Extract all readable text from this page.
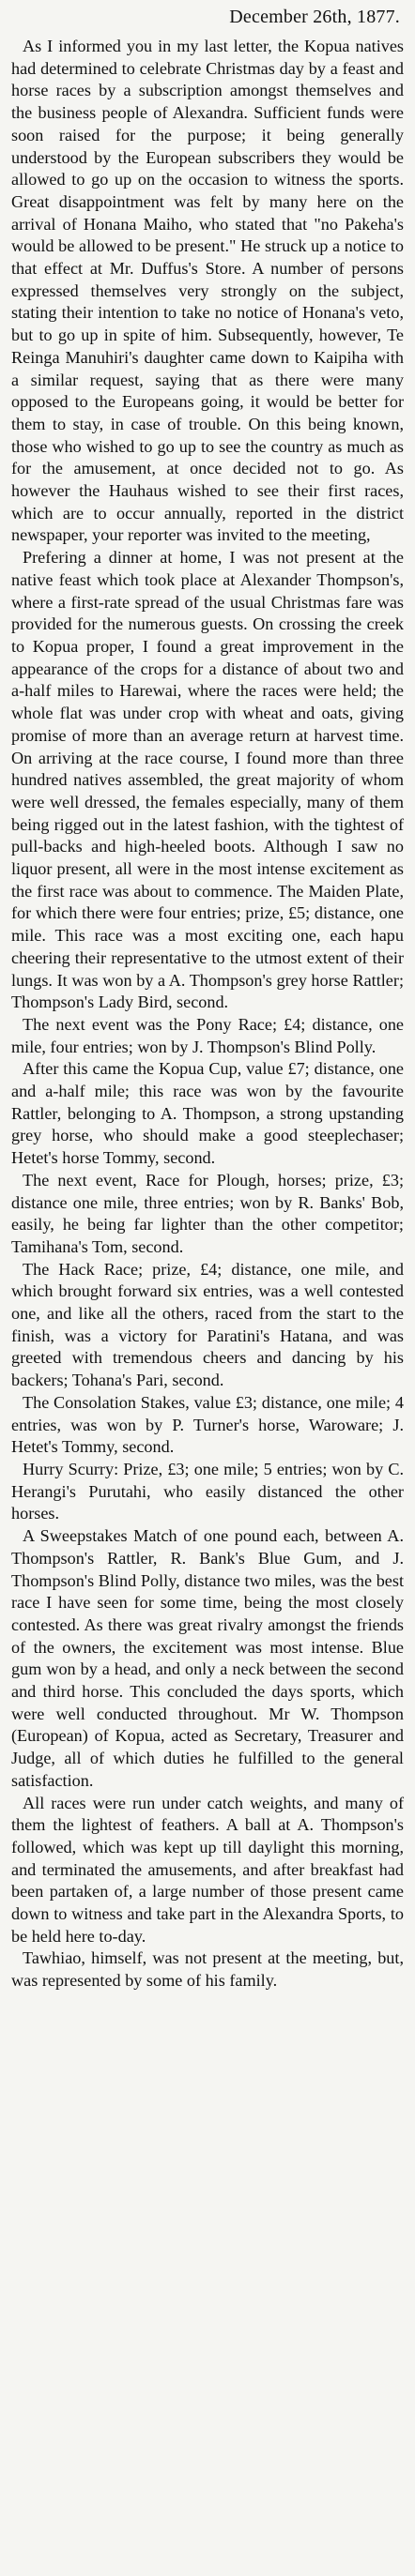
December 26th, 1877.

As I informed you in my last letter, the Kopua natives had determined to celebrate Christmas day by a feast and horse races by a subscription amongst themselves and the business people of Alexandra. Sufficient funds were soon raised for the purpose; it being generally understood by the European subscribers they would be allowed to go up on the occasion to witness the sports. Great disappointment was felt by many here on the arrival of Honana Maiho, who stated that "no Pakeha's would be allowed to be present." He struck up a notice to that effect at Mr. Duffus's Store. A number of persons expressed themselves very strongly on the subject, stating their intention to take no notice of Honana's veto, but to go up in spite of him. Subsequently, however, Te Reinga Manuhiri's daughter came down to Kaipiha with a similar request, saying that as there were many opposed to the Europeans going, it would be better for them to stay, in case of trouble. On this being known, those who wished to go up to see the country as much as for the amusement, at once decided not to go. As however the Hauhaus wished to see their first races, which are to occur annually, reported in the district newspaper, your reporter was invited to the meeting,

Prefering a dinner at home, I was not present at the native feast which took place at Alexander Thompson's, where a first-rate spread of the usual Christmas fare was provided for the numerous guests. On crossing the creek to Kopua proper, I found a great improvement in the appearance of the crops for a distance of about two and a-half miles to Harewai, where the races were held; the whole flat was under crop with wheat and oats, giving promise of more than an average return at harvest time. On arriving at the race course, I found more than three hundred natives assembled, the great majority of whom were well dressed, the females especially, many of them being rigged out in the latest fashion, with the tightest of pull-backs and high-heeled boots. Although I saw no liquor present, all were in the most intense excitement as the first race was about to commence. The Maiden Plate, for which there were four entries; prize, £5; distance, one mile. This race was a most exciting one, each hapu cheering their representative to the utmost extent of their lungs. It was won by a A. Thompson's grey horse Rattler; Thompson's Lady Bird, second.

The next event was the Pony Race; £4; distance, one mile, four entries; won by J. Thompson's Blind Polly.

After this came the Kopua Cup, value £7; distance, one and a-half mile; this race was won by the favourite Rattler, belonging to A. Thompson, a strong upstanding grey horse, who should make a good steeplechaser; Hetet's horse Tommy, second.

The next event, Race for Plough, horses; prize, £3; distance one mile, three entries; won by R. Banks' Bob, easily, he being far lighter than the other competitor; Tamihana's Tom, second.

The Hack Race; prize, £4; distance, one mile, and which brought forward six entries, was a well contested one, and like all the others, raced from the start to the finish, was a victory for Paratini's Hatana, and was greeted with tremendous cheers and dancing by his backers; Tohana's Pari, second.

The Consolation Stakes, value £3; distance, one mile; 4 entries, was won by P. Turner's horse, Waroware; J. Hetet's Tommy, second.

Hurry Scurry: Prize, £3; one mile; 5 entries; won by C. Herangi's Purutahi, who easily distanced the other horses.

A Sweepstakes Match of one pound each, between A. Thompson's Rattler, R. Bank's Blue Gum, and J. Thompson's Blind Polly, distance two miles, was the best race I have seen for some time, being the most closely contested. As there was great rivalry amongst the friends of the owners, the excitement was most intense. Blue gum won by a head, and only a neck between the second and third horse. This concluded the days sports, which were well conducted throughout. Mr W. Thompson (European) of Kopua, acted as Secretary, Treasurer and Judge, all of which duties he fulfilled to the general satisfaction.

All races were run under catch weights, and many of them the lightest of feathers. A ball at A. Thompson's followed, which was kept up till daylight this morning, and terminated the amusements, and after breakfast had been partaken of, a large number of those present came down to witness and take part in the Alexandra Sports, to be held here to-day.

Tawhiao, himself, was not present at the meeting, but, was represented by some of his family.
